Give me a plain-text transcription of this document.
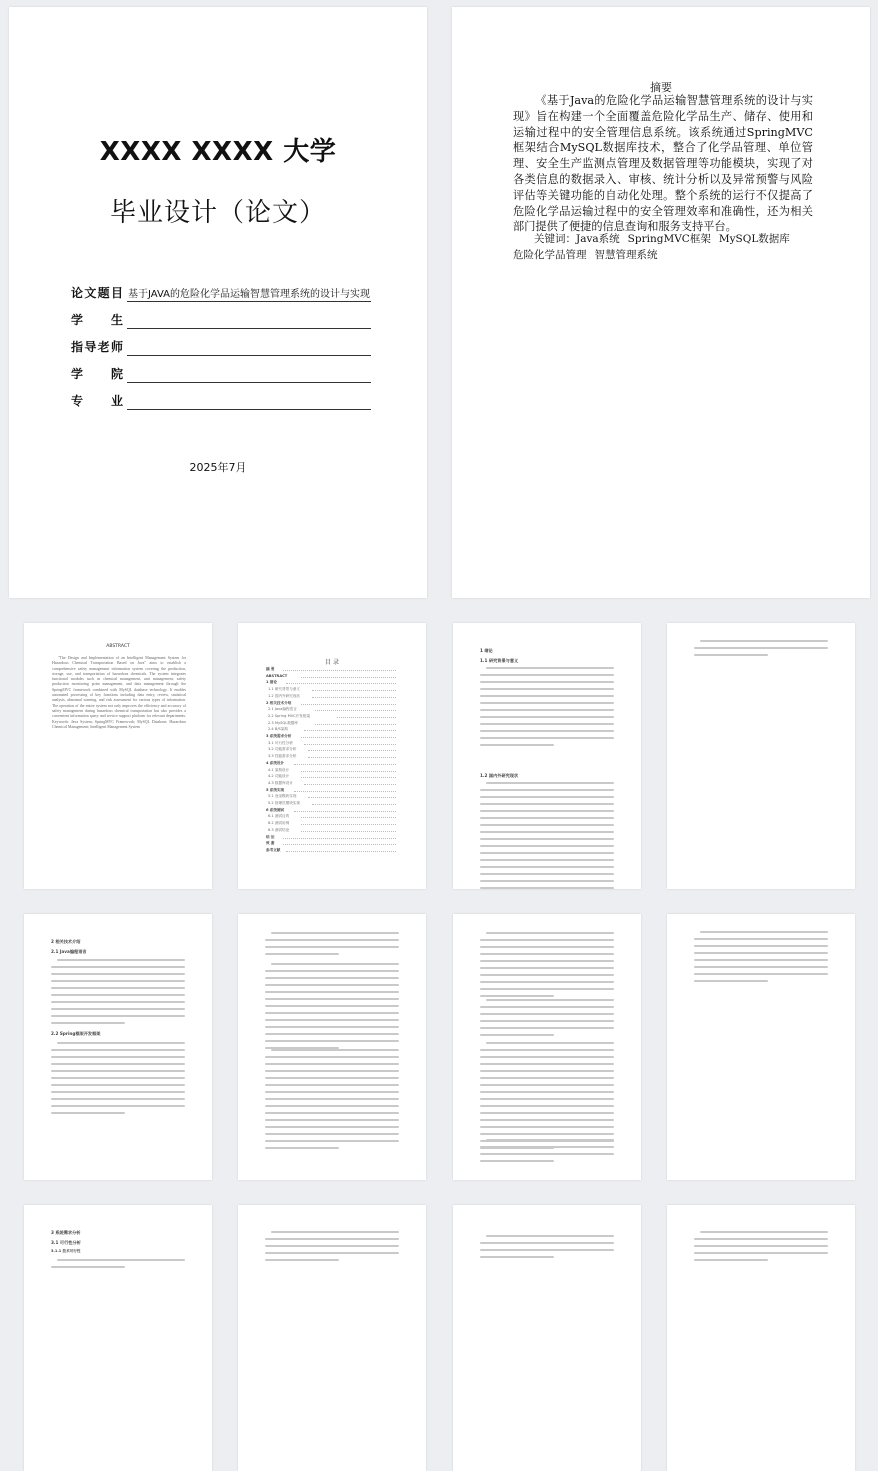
XXXX XXXX 大学
毕业设计（论文）
论文题目 基于JAVA的危险化学品运输智慧管理系统的设计与实现
学生
指导老师
学院
专业
2025年7月
摘要
《基于Java的危险化学品运输智慧管理系统的设计与实现》旨在构建一个全面覆盖危险化学品生产、储存、使用和运输过程中的安全管理信息系统。该系统通过SpringMVC框架结合MySQL数据库技术，整合了化学品管理、单位管理、安全生产监测点管理及数据管理等功能模块，实现了对各类信息的数据录入、审核、统计分析以及异常预警与风险评估等关键功能的自动化处理。整个系统的运行不仅提高了危险化学品运输过程中的安全管理效率和准确性，还为相关部门提供了便捷的信息查询和服务支持平台。
关键词：Java系统 SpringMVC框架 MySQL数据库
危险化学品管理 智慧管理系统
ABSTRACT
"The Design and Implementation of an Intelligent Management System for Hazardous Chemical Transportation Based on Java" aims to establish a comprehensive safety management information system covering the production, storage, use, and transportation of hazardous chemicals. The system integrates functional modules such as chemical management, unit management, safety production monitoring point management, and data management through the SpringMVC framework combined with MySQL database technology. It enables automated processing of key functions including data entry, review, statistical analysis, abnormal warning, and risk assessment for various types of information. The operation of the entire system not only improves the efficiency and accuracy of safety management during hazardous chemical transportation but also provides a convenient information query and service support platform for relevant departments. Keywords: Java System; SpringMVC Framework; MySQL Database; Hazardous Chemical Management; Intelligent Management System
目 录
摘 要
ABSTRACT
1 绪论
1.1 研究背景与意义
1.2 国内外研究现状
2 相关技术介绍
2.1 Java编程语言
2.2 Spring MVC开发框架
2.3 MySQL数据库
2.4 B/S架构
3 系统需求分析
3.1 可行性分析
3.2 功能需求分析
3.3 性能需求分析
4 系统设计
4.1 架构设计
4.2 功能设计
4.3 数据库设计
5 系统实现
5.1 登录模块实现
5.2 管理员模块实现
6 系统测试
6.1 测试目的
6.2 测试用例
6.3 测试结论
结 论
致 谢
参考文献
1 绪论
1.1 研究背景与意义
1.2 国内外研究现状
2 相关技术介绍
2.1 Java编程语言
2.2 Spring框架开发框架
3 系统需求分析
3.1 可行性分析
3.1.1 技术可行性
